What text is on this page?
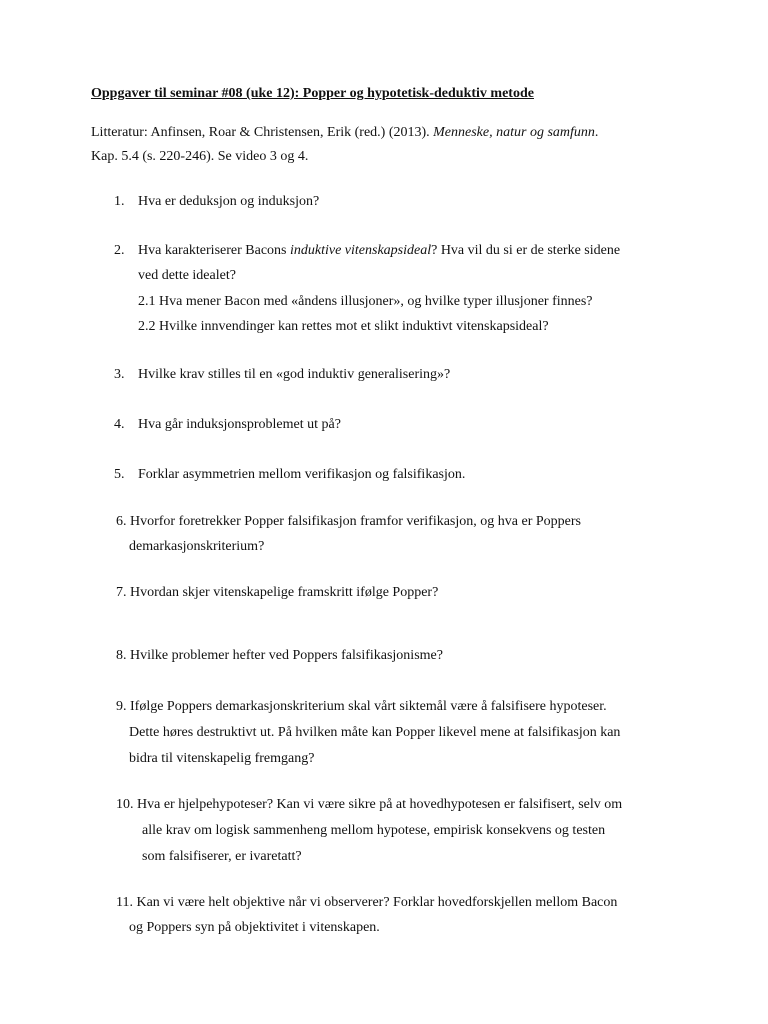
Oppgaver til seminar #08 (uke 12): Popper og hypotetisk-deduktiv metode
Litteratur: Anfinsen, Roar & Christensen, Erik (red.) (2013). Menneske, natur og samfunn.
Kap. 5.4 (s. 220-246). Se video 3 og 4.
1. Hva er deduksjon og induksjon?
2. Hva karakteriserer Bacons induktive vitenskapsideal? Hva vil du si er de sterke sidene
ved dette idealet?
2.1 Hva mener Bacon med «åndens illusjoner», og hvilke typer illusjoner finnes?
2.2 Hvilke innvendinger kan rettes mot et slikt induktivt vitenskapsideal?
3. Hvilke krav stilles til en «god induktiv generalisering»?
4. Hva går induksjonsproblemet ut på?
5. Forklar asymmetrien mellom verifikasjon og falsifikasjon.
6. Hvorfor foretrekker Popper falsifikasjon framfor verifikasjon, og hva er Poppers
demarkasjonskriterium?
7. Hvordan skjer vitenskapelige framskritt ifølge Popper?
8. Hvilke problemer hefter ved Poppers falsifikasjonisme?
9. Ifølge Poppers demarkasjonskriterium skal vårt siktemål være å falsifisere hypoteser.
Dette høres destruktivt ut. På hvilken måte kan Popper likevel mene at falsifikasjon kan
bidra til vitenskapelig fremgang?
10. Hva er hjelpehypoteser? Kan vi være sikre på at hovedhypotesen er falsifisert, selv om
alle krav om logisk sammenheng mellom hypotese, empirisk konsekvens og testen
som falsifiserer, er ivaretatt?
11. Kan vi være helt objektive når vi observerer? Forklar hovedforskjellen mellom Bacon
og Poppers syn på objektivitet i vitenskapen.
